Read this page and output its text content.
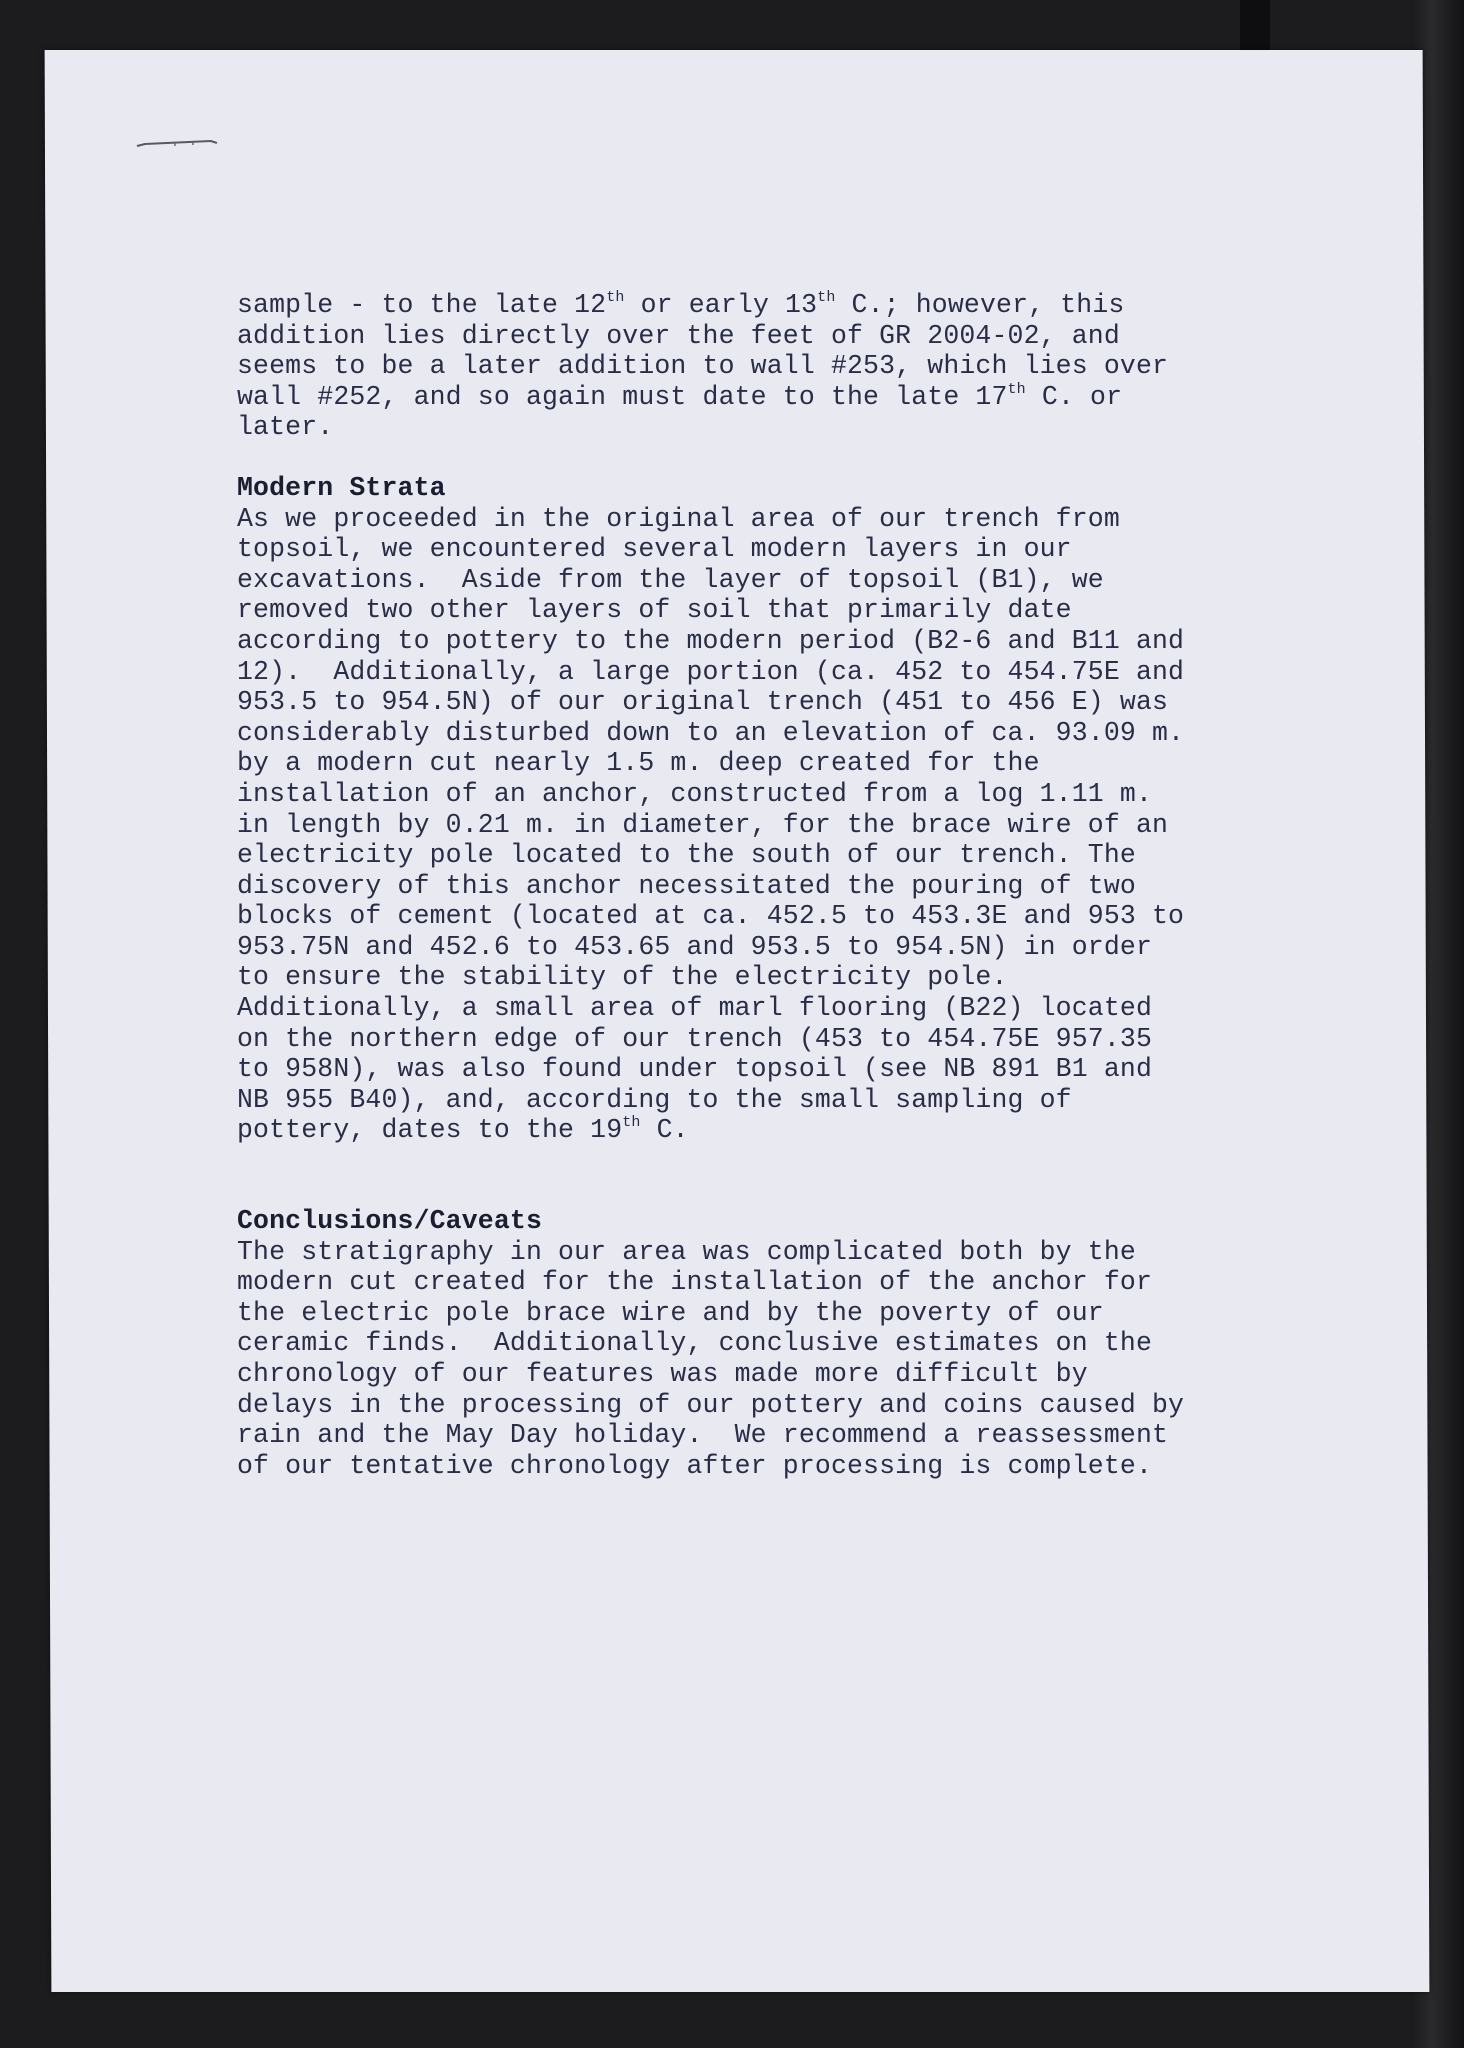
sample - to the late 12th or early 13th C.; however, this

addition lies directly over the feet of GR 2004-02, and

seems to be a later addition to wall #253, which lies over

wall #252, and so again must date to the late 17th C. or

later.

Modern Strata

As we proceeded in the original area of our trench from

topsoil, we encountered several modern layers in our

excavations.  Aside from the layer of topsoil (B1), we

removed two other layers of soil that primarily date

according to pottery to the modern period (B2-6 and B11 and

12).  Additionally, a large portion (ca. 452 to 454.75E and

953.5 to 954.5N) of our original trench (451 to 456 E) was

considerably disturbed down to an elevation of ca. 93.09 m.

by a modern cut nearly 1.5 m. deep created for the

installation of an anchor, constructed from a log 1.11 m.

in length by 0.21 m. in diameter, for the brace wire of an

electricity pole located to the south of our trench. The

discovery of this anchor necessitated the pouring of two

blocks of cement (located at ca. 452.5 to 453.3E and 953 to

953.75N and 452.6 to 453.65 and 953.5 to 954.5N) in order

to ensure the stability of the electricity pole.

Additionally, a small area of marl flooring (B22) located

on the northern edge of our trench (453 to 454.75E 957.35

to 958N), was also found under topsoil (see NB 891 B1 and

NB 955 B40), and, according to the small sampling of

pottery, dates to the 19th C.

Conclusions/Caveats

The stratigraphy in our area was complicated both by the

modern cut created for the installation of the anchor for

the electric pole brace wire and by the poverty of our

ceramic finds.  Additionally, conclusive estimates on the

chronology of our features was made more difficult by

delays in the processing of our pottery and coins caused by

rain and the May Day holiday.  We recommend a reassessment

of our tentative chronology after processing is complete.
